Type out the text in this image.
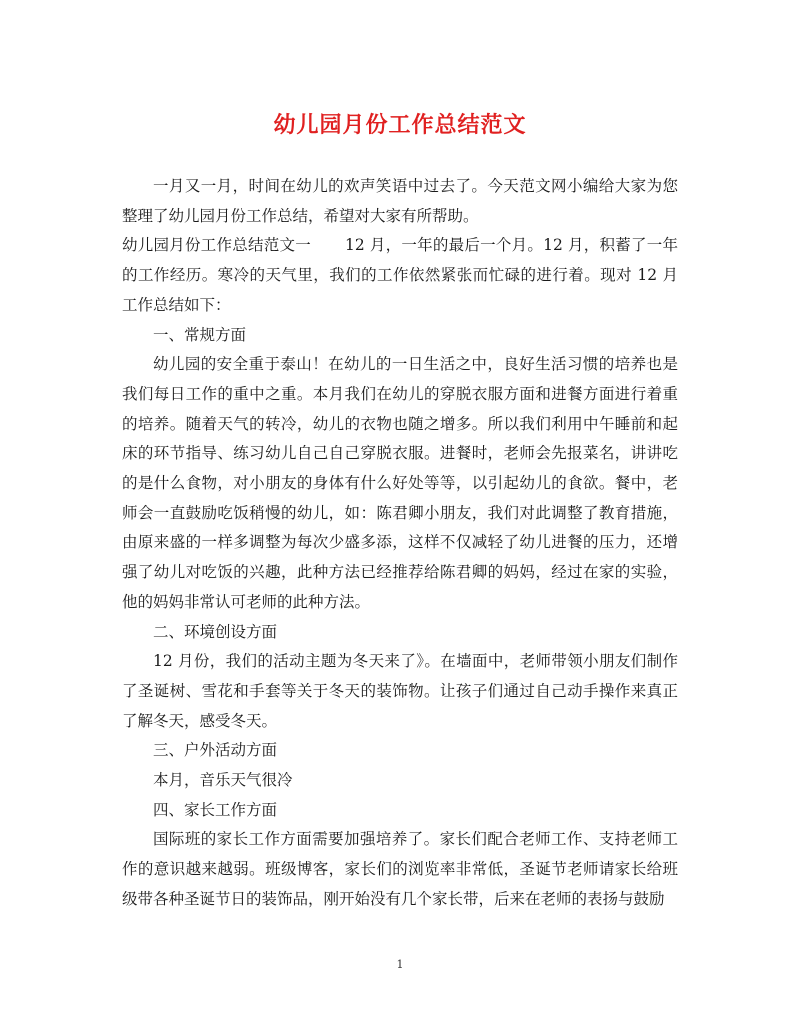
幼儿园月份工作总结范文

一月又一月，时间在幼儿的欢声笑语中过去了。今天范文网小编给大家为您整理了幼儿园月份工作总结，希望对大家有所帮助。

幼儿园月份工作总结范文一 12 月，一年的最后一个月。12 月，积蓄了一年的工作经历。寒冷的天气里，我们的工作依然紧张而忙碌的进行着。现对 12 月工作总结如下：

一、常规方面

幼儿园的安全重于泰山！在幼儿的一日生活之中，良好生活习惯的培养也是我们每日工作的重中之重。本月我们在幼儿的穿脱衣服方面和进餐方面进行着重的培养。随着天气的转冷，幼儿的衣物也随之增多。所以我们利用中午睡前和起床的环节指导、练习幼儿自己自己穿脱衣服。进餐时，老师会先报菜名，讲讲吃的是什么食物，对小朋友的身体有什么好处等等，以引起幼儿的食欲。餐中，老师会一直鼓励吃饭稍慢的幼儿，如：陈君卿小朋友，我们对此调整了教育措施，由原来盛的一样多调整为每次少盛多添，这样不仅减轻了幼儿进餐的压力，还增强了幼儿对吃饭的兴趣，此种方法已经推荐给陈君卿的妈妈，经过在家的实验，他的妈妈非常认可老师的此种方法。

二、环境创设方面

12 月份，我们的活动主题为冬天来了》。在墙面中，老师带领小朋友们制作了圣诞树、雪花和手套等关于冬天的装饰物。让孩子们通过自己动手操作来真正了解冬天，感受冬天。

三、户外活动方面

本月，音乐天气很冷

四、家长工作方面

国际班的家长工作方面需要加强培养了。家长们配合老师工作、支持老师工作的意识越来越弱。班级博客，家长们的浏览率非常低，圣诞节老师请家长给班级带各种圣诞节日的装饰品，刚开始没有几个家长带，后来在老师的表扬与鼓励

1
